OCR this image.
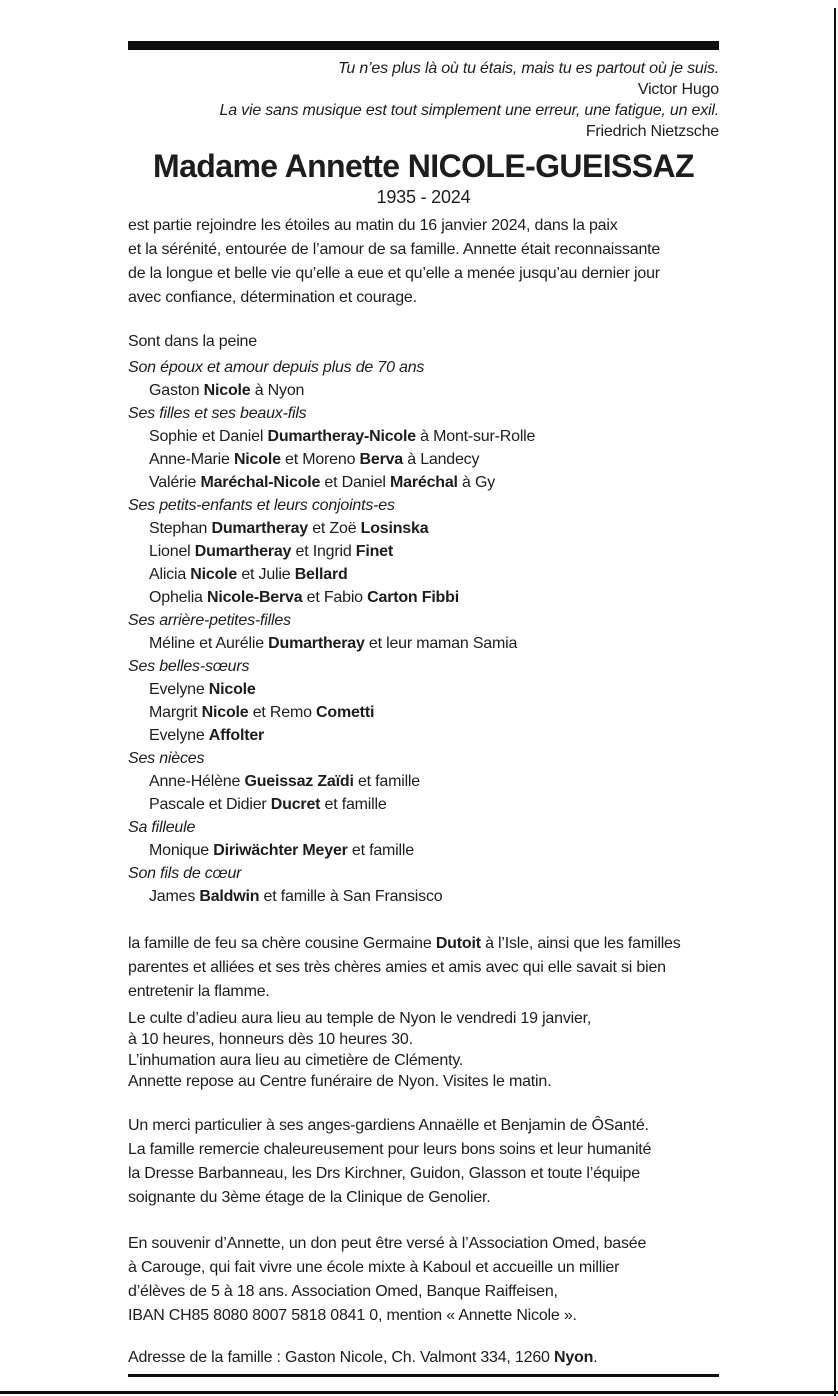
Tu n’es plus là où tu étais, mais tu es partout où je suis.
Victor Hugo
La vie sans musique est tout simplement une erreur, une fatigue, un exil.
Friedrich Nietzsche
Madame Annette NICOLE-GUEISSAZ
1935 - 2024
est partie rejoindre les étoiles au matin du 16 janvier 2024, dans la paix
et la sérénité, entourée de l’amour de sa famille. Annette était reconnaissante
de la longue et belle vie qu’elle a eue et qu’elle a menée jusqu’au dernier jour
avec confiance, détermination et courage.
Sont dans la peine
Son époux et amour depuis plus de 70 ans
Gaston Nicole à Nyon
Ses filles et ses beaux-fils
Sophie et Daniel Dumartheray-Nicole à Mont-sur-Rolle
Anne-Marie Nicole et Moreno Berva à Landecy
Valérie Maréchal-Nicole et Daniel Maréchal à Gy
Ses petits-enfants et leurs conjoints-es
Stephan Dumartheray et Zoë Losinska
Lionel Dumartheray et Ingrid Finet
Alicia Nicole et Julie Bellard
Ophelia Nicole-Berva et Fabio Carton Fibbi
Ses arrière-petites-filles
Méline et Aurélie Dumartheray et leur maman Samia
Ses belles-sœurs
Evelyne Nicole
Margrit Nicole et Remo Cometti
Evelyne Affolter
Ses nièces
Anne-Hélène Gueissaz Zaïdi et famille
Pascale et Didier Ducret et famille
Sa filleule
Monique Diriwächter Meyer et famille
Son fils de cœur
James Baldwin et famille à San Fransisco
la famille de feu sa chère cousine Germaine Dutoit à l’Isle, ainsi que les familles
parentes et alliées et ses très chères amies et amis avec qui elle savait si bien
entretenir la flamme.
Le culte d’adieu aura lieu au temple de Nyon le vendredi 19 janvier,
à 10 heures, honneurs dès 10 heures 30.
L’inhumation aura lieu au cimetière de Clémenty.
Annette repose au Centre funéraire de Nyon. Visites le matin.
Un merci particulier à ses anges-gardiens Annaëlle et Benjamin de ÔSanté.
La famille remercie chaleureusement pour leurs bons soins et leur humanité
la Dresse Barbanneau, les Drs Kirchner, Guidon, Glasson et toute l’équipe
soignante du 3ème étage de la Clinique de Genolier.
En souvenir d’Annette, un don peut être versé à l’Association Omed, basée
à Carouge, qui fait vivre une école mixte à Kaboul et accueille un millier
d’élèves de 5 à 18 ans. Association Omed, Banque Raiffeisen,
IBAN CH85 8080 8007 5818 0841 0, mention « Annette Nicole ».
Adresse de la famille : Gaston Nicole, Ch. Valmont 334, 1260 Nyon.
